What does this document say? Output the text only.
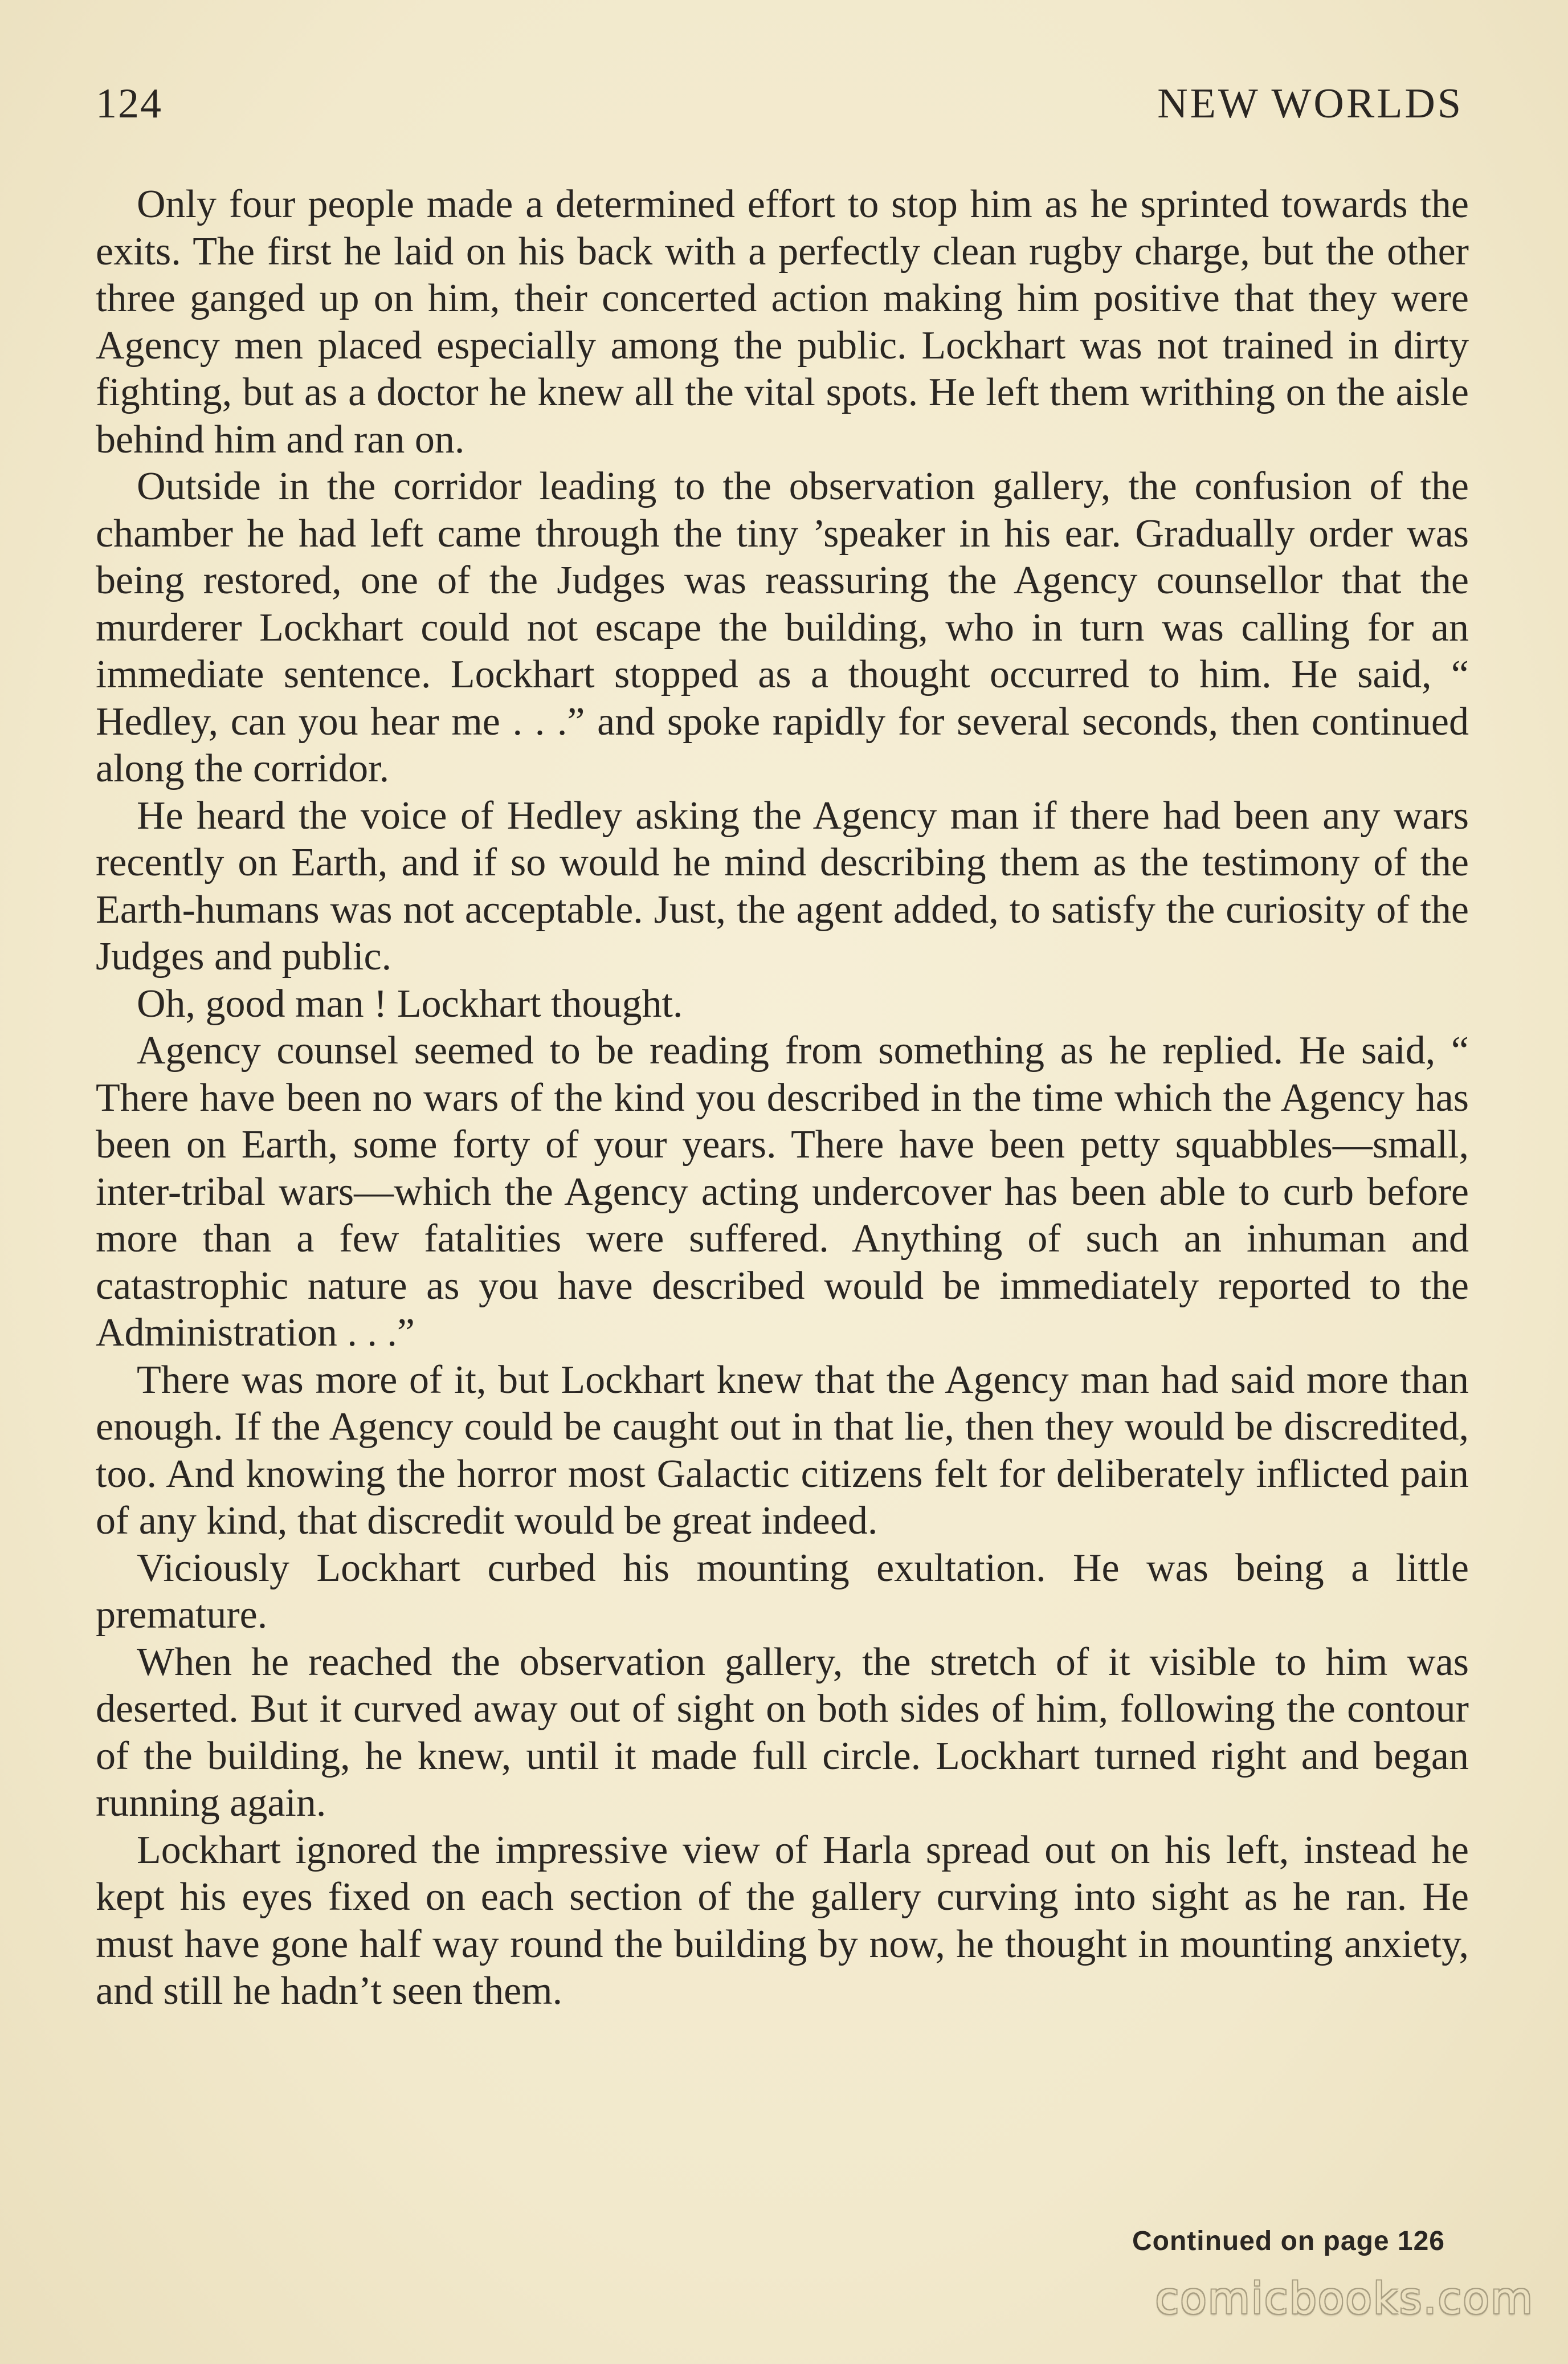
124	NEW WORLDS

Only four people made a determined effort to stop him as he sprinted towards the exits. The first he laid on his back with a perfectly clean rugby charge, but the other three ganged up on him, their concerted action making him positive that they were Agency men placed especially among the public. Lockhart was not trained in dirty fighting, but as a doctor he knew all the vital spots. He left them writhing on the aisle behind him and ran on.

Outside in the corridor leading to the observation gallery, the confusion of the chamber he had left came through the tiny ’speaker in his ear. Gradually order was being restored, one of the Judges was reassuring the Agency counsellor that the murderer Lockhart could not escape the building, who in turn was calling for an immediate sentence. Lockhart stopped as a thought occurred to him. He said, “ Hedley, can you hear me . . .” and spoke rapidly for several seconds, then continued along the corridor.

He heard the voice of Hedley asking the Agency man if there had been any wars recently on Earth, and if so would he mind describing them as the testimony of the Earth-humans was not acceptable. Just, the agent added, to satisfy the curiosity of the Judges and public.

Oh, good man ! Lockhart thought.

Agency counsel seemed to be reading from something as he replied. He said, “ There have been no wars of the kind you described in the time which the Agency has been on Earth, some forty of your years. There have been petty squabbles—small, inter-tribal wars—which the Agency acting undercover has been able to curb before more than a few fatalities were suffered. Anything of such an inhuman and catastrophic nature as you have described would be immediately reported to the Administration . . .”

There was more of it, but Lockhart knew that the Agency man had said more than enough. If the Agency could be caught out in that lie, then they would be discredited, too. And knowing the horror most Galactic citizens felt for deliberately inflicted pain of any kind, that discredit would be great indeed.

Viciously Lockhart curbed his mounting exultation. He was being a little premature.

When he reached the observation gallery, the stretch of it visible to him was deserted. But it curved away out of sight on both sides of him, following the contour of the building, he knew, until it made full circle. Lockhart turned right and began running again.

Lockhart ignored the impressive view of Harla spread out on his left, instead he kept his eyes fixed on each section of the gallery curving into sight as he ran. He must have gone half way round the building by now, he thought in mounting anxiety, and still he hadn’t seen them.

Continued on page 126
comicbooks.com
